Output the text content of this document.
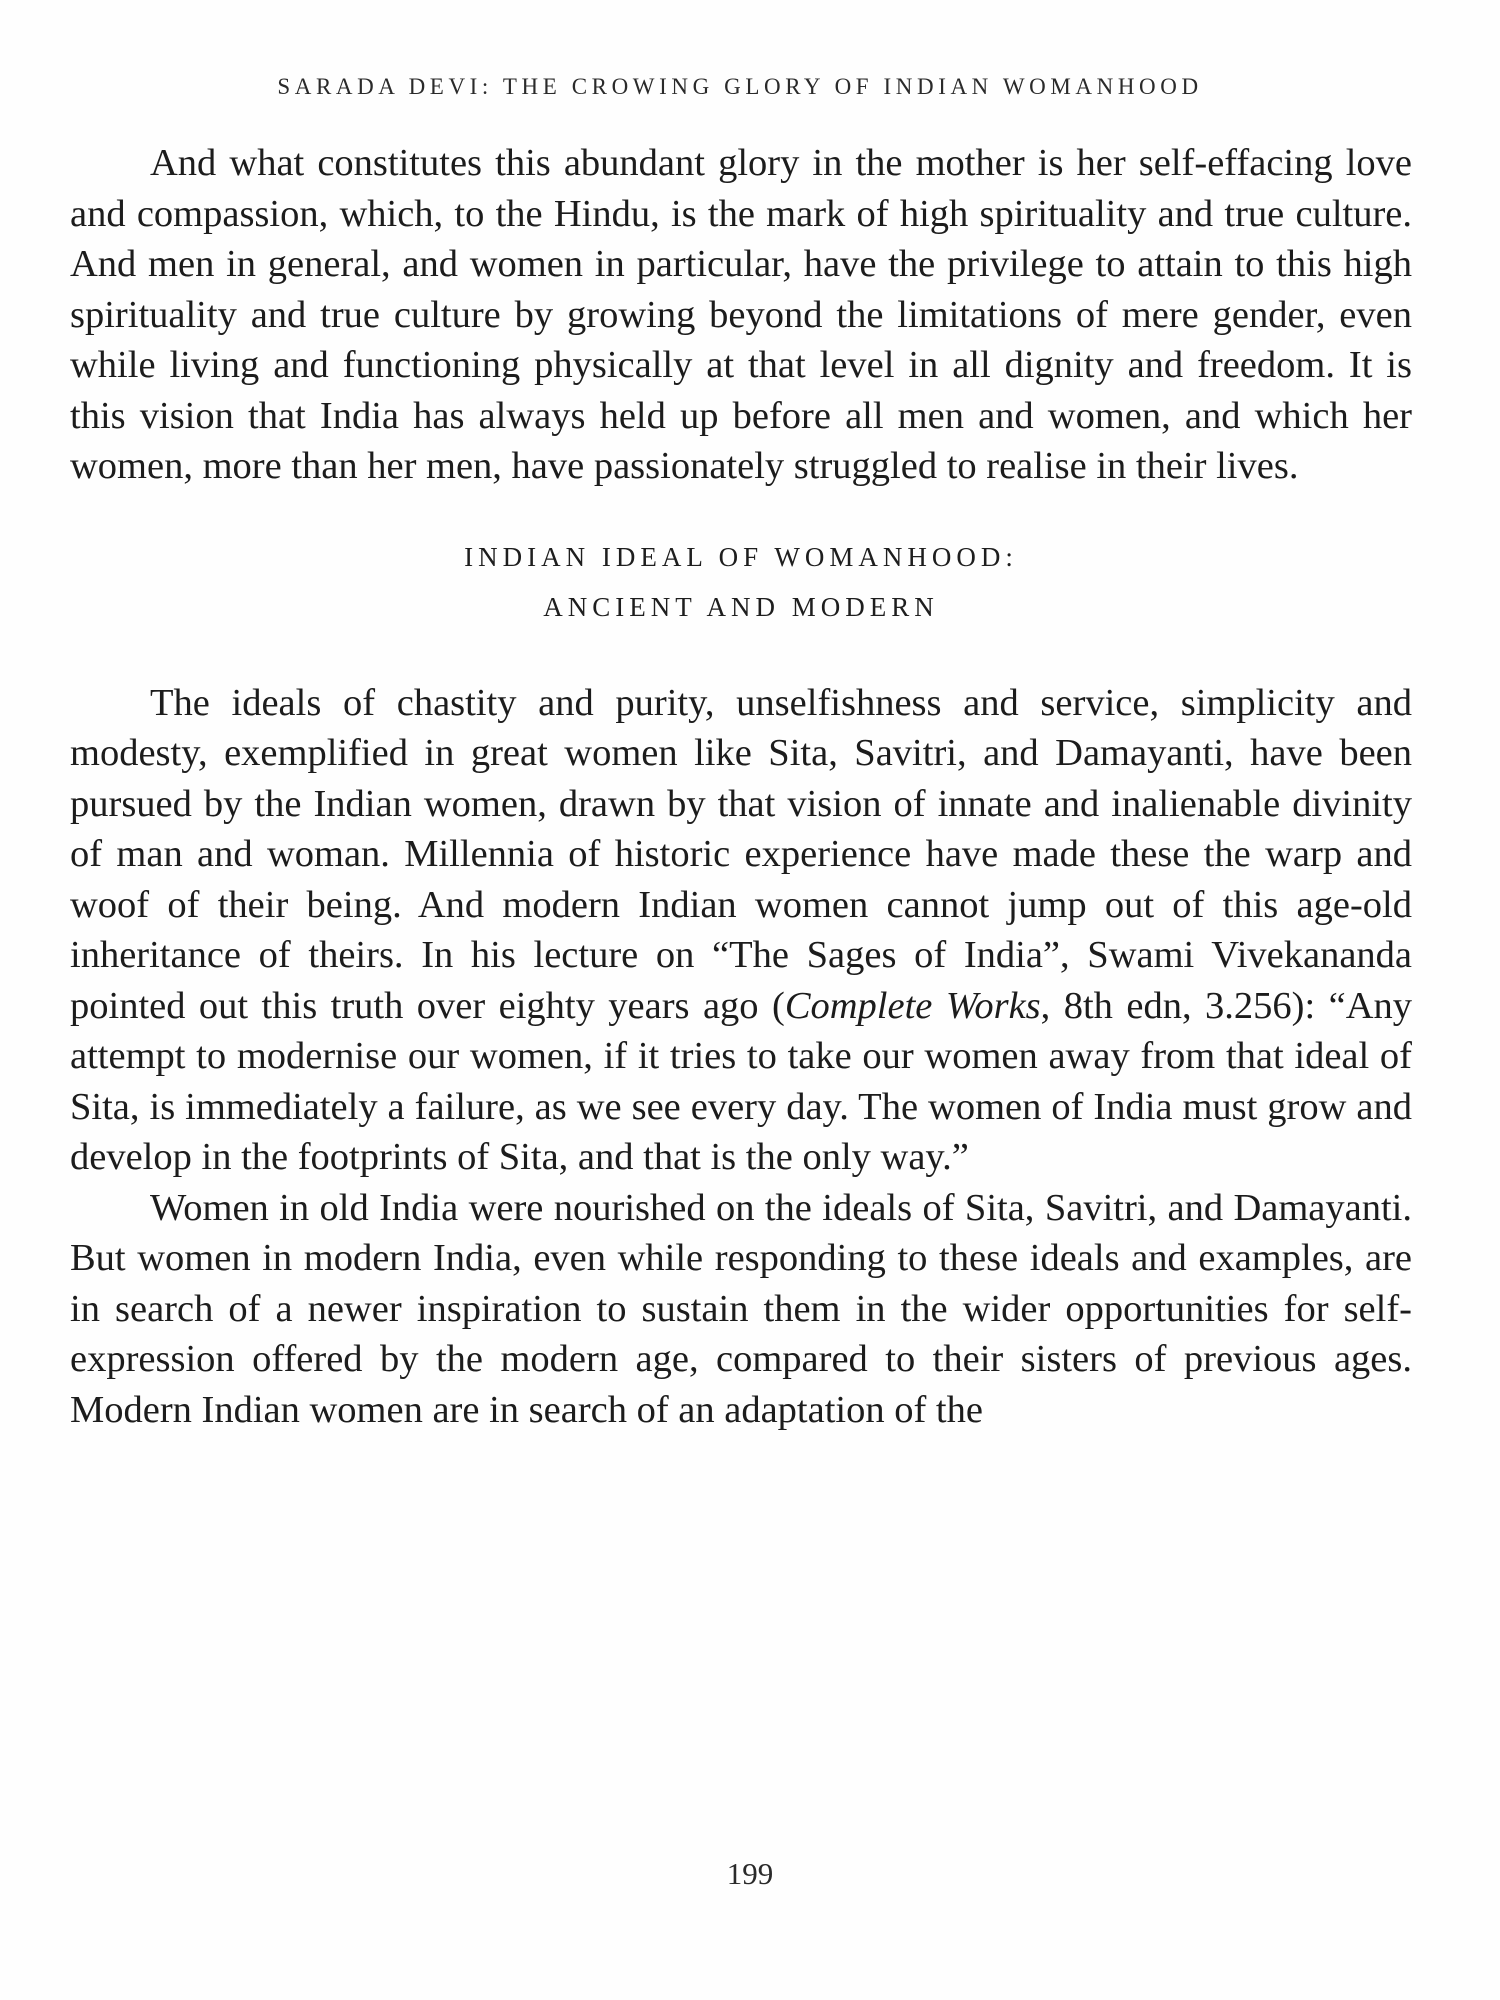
SARADA DEVI: THE CROWING GLORY OF INDIAN WOMANHOOD

And what constitutes this abundant glory in the mother is her self-effacing love and compassion, which, to the Hindu, is the mark of high spirituality and true culture. And men in general, and women in particular, have the privilege to attain to this high spirituality and true culture by growing beyond the limitations of mere gender, even while living and functioning physically at that level in all dignity and freedom. It is this vision that India has always held up before all men and women, and which her women, more than her men, have passionately struggled to realise in their lives.

INDIAN IDEAL OF WOMANHOOD:
ANCIENT AND MODERN

The ideals of chastity and purity, unselfishness and service, simplicity and modesty, exemplified in great women like Sita, Savitri, and Damayanti, have been pursued by the Indian women, drawn by that vision of innate and inalienable divinity of man and woman. Millennia of historic experience have made these the warp and woof of their being. And modern Indian women cannot jump out of this age-old inheritance of theirs. In his lecture on “The Sages of India”, Swami Vivekananda pointed out this truth over eighty years ago (Complete Works, 8th edn, 3.256): “Any attempt to modernise our women, if it tries to take our women away from that ideal of Sita, is immediately a failure, as we see every day. The women of India must grow and develop in the footprints of Sita, and that is the only way.”

Women in old India were nourished on the ideals of Sita, Savitri, and Damayanti. But women in modern India, even while responding to these ideals and examples, are in search of a newer inspiration to sustain them in the wider opportunities for self-expression offered by the modern age, compared to their sisters of previous ages. Modern Indian women are in search of an adaptation of the

199
